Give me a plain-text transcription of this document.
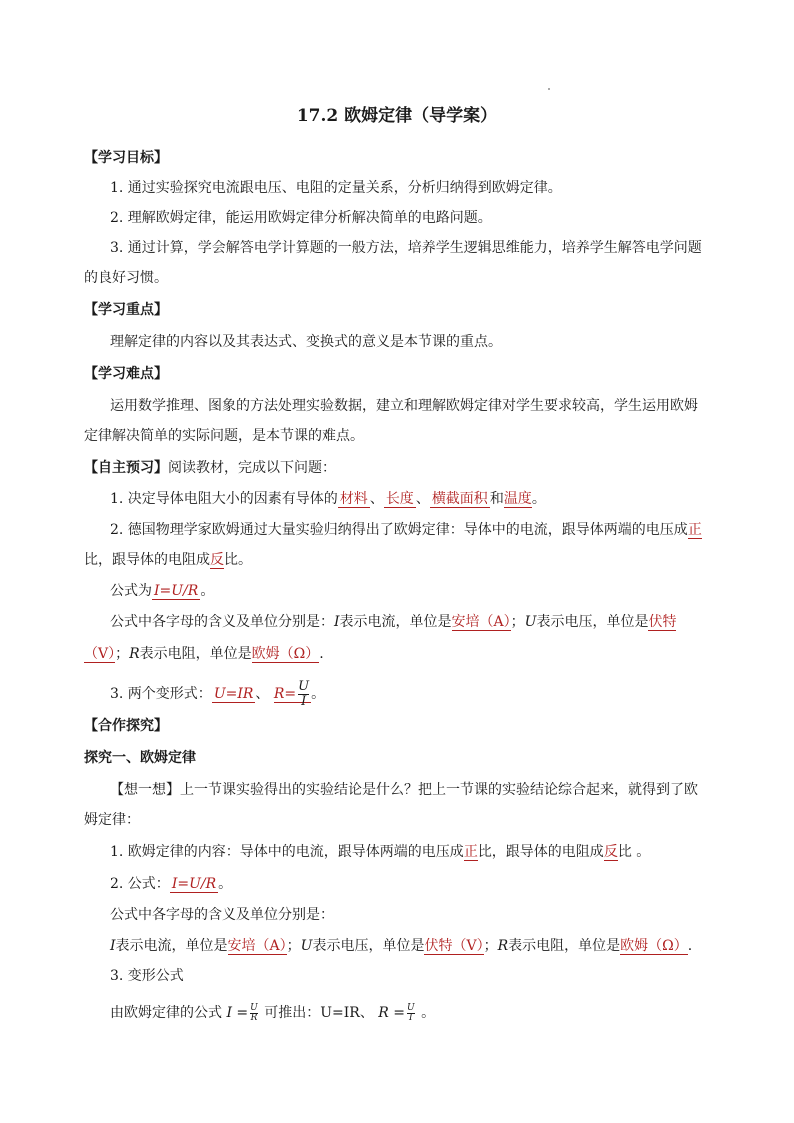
17.2 欧姆定律（导学案）
【学习目标】
1. 通过实验探究电流跟电压、电阻的定量关系，分析归纳得到欧姆定律。
2. 理解欧姆定律，能运用欧姆定律分析解决简单的电路问题。
3. 通过计算，学会解答电学计算题的一般方法，培养学生逻辑思维能力，培养学生解答电学问题
的良好习惯。
【学习重点】
理解定律的内容以及其表达式、变换式的意义是本节课的重点。
【学习难点】
运用数学推理、图象的方法处理实验数据，建立和理解欧姆定律对学生要求较高，学生运用欧姆
定律解决简单的实际问题，是本节课的难点。
【自主预习】阅读教材，完成以下问题：
1. 决定导体电阻大小的因素有导体的 材料 、 长度 、 横截面积 和温度。
2. 德国物理学家欧姆通过大量实验归纳得出了欧姆定律：导体中的电流，跟导体两端的电压成正
比，跟导体的电阻成反比。
公式为 I=U/R 。
公式中各字母的含义及单位分别是：I表示电流，单位是安培（A）；U表示电压，单位是伏特
（V）；R表示电阻，单位是欧姆（Ω）.
3. 两个变形式： U=IR 、 $R= \frac{U}{I}$ 。
【合作探究】
探究一、欧姆定律
【想一想】上一节课实验得出的实验结论是什么？把上一节课的实验结论综合起来，就得到了欧
姆定律：
1. 欧姆定律的内容：导体中的电流，跟导体两端的电压成正比，跟导体的电阻成反比 。
2. 公式： I=U/R 。
公式中各字母的含义及单位分别是：
I表示电流，单位是安培（A）；U表示电压，单位是伏特（V）；R表示电阻，单位是欧姆（Ω）.
3. 变形公式
由欧姆定律的公式 $I = \frac{U}{R}$ 可推出：U=IR、 $R = \frac{U}{I}$ 。
